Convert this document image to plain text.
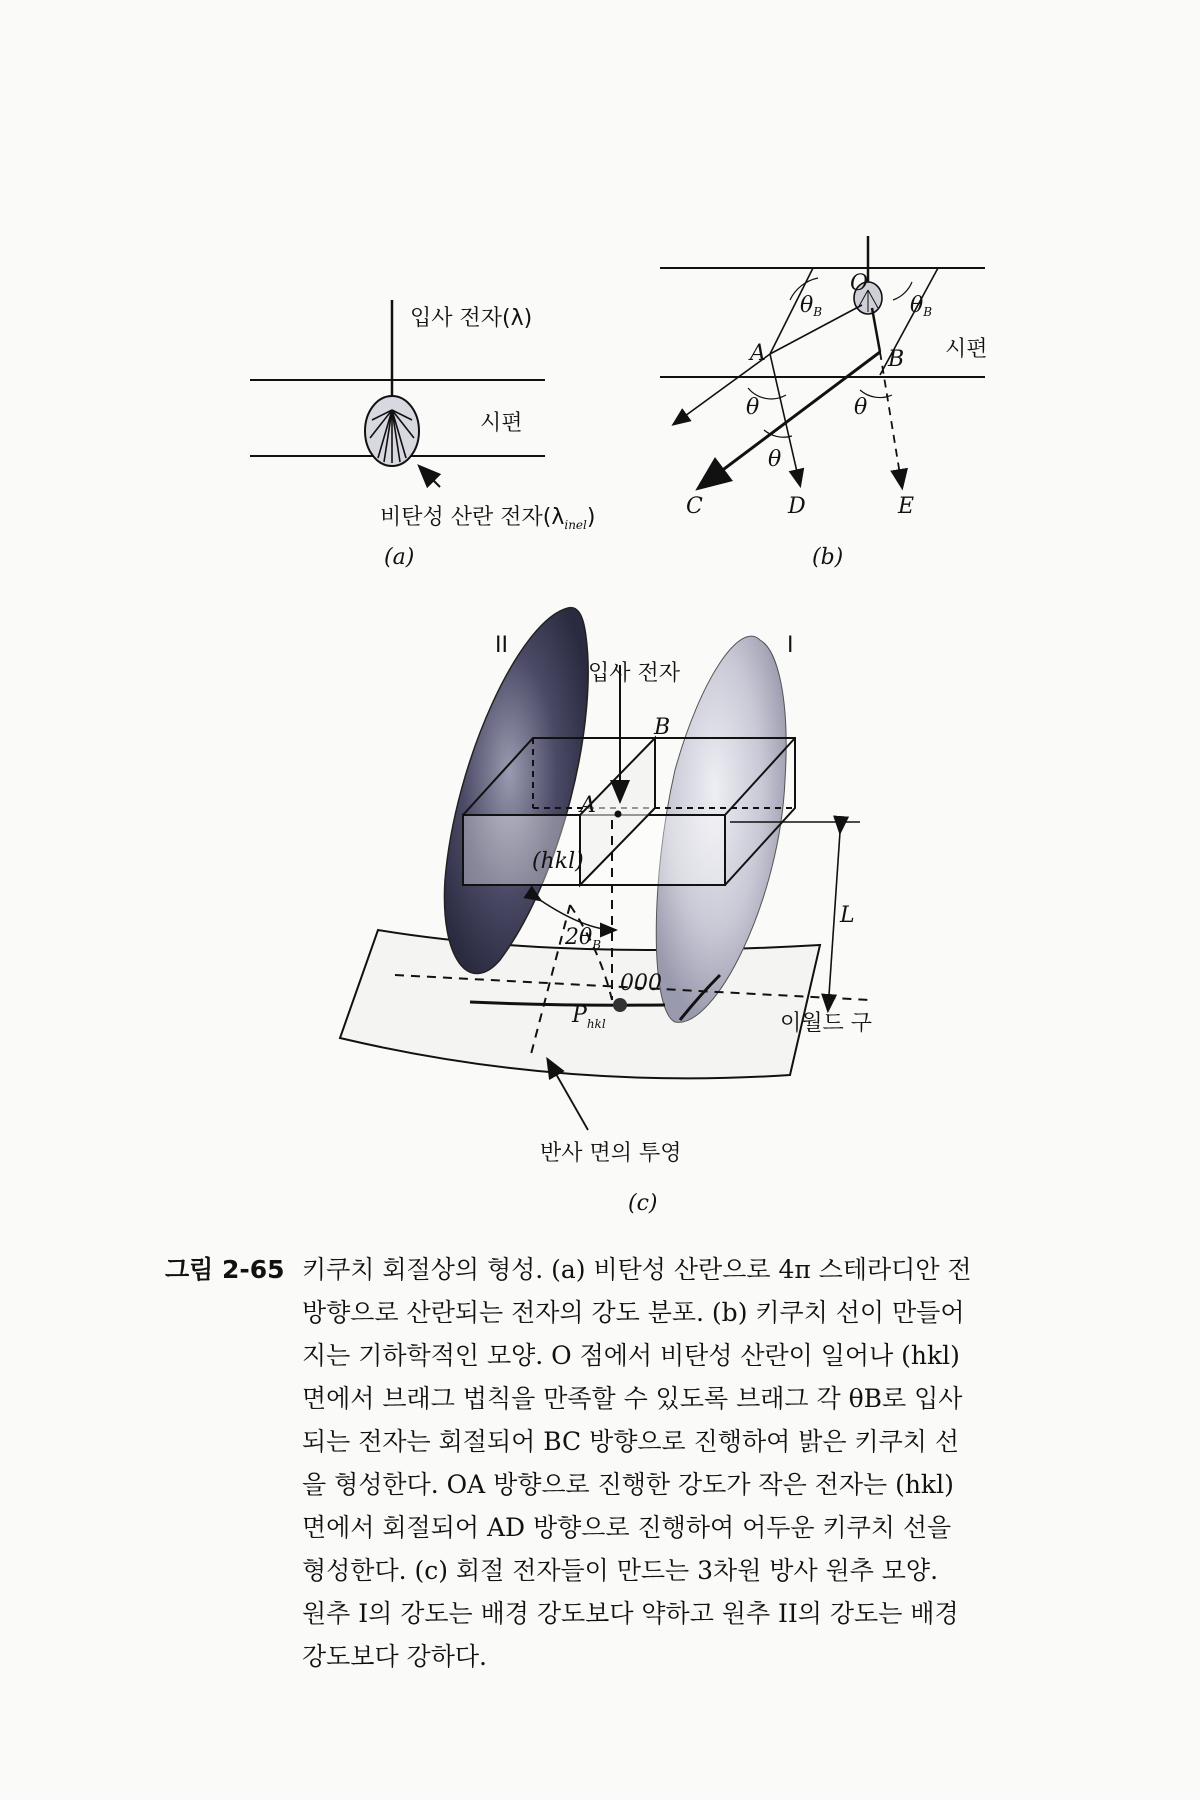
입사 전자(λ)
시편
비탄성 산란 전자$(\lambda_{inel})$
(a)
O
A	B
C	D	E
θB	θB
θ	θ
θ
시편
(b)
II	I
입사 전자
A
B
(hkl)
$2\theta_B$
L
000
$P_{hkl}$	이월드 구
반사 면의 투영
(c)
그림 2-65 키쿠치 회절상의 형성. (a) 비탄성 산란으로 4π 스테라디안 전
방향으로 산란되는 전자의 강도 분포. (b) 키쿠치 선이 만들어
지는 기하학적인 모양. O 점에서 비탄성 산란이 일어나 (hkl)
면에서 브래그 법칙을 만족할 수 있도록 브래그 각 θB로 입사
되는 전자는 회절되어 BC 방향으로 진행하여 밝은 키쿠치 선
을 형성한다. OA 방향으로 진행한 강도가 작은 전자는 (hkl)
면에서 회절되어 AD 방향으로 진행하여 어두운 키쿠치 선을
형성한다. (c) 회절 전자들이 만드는 3차원 방사 원추 모양.
원추 I의 강도는 배경 강도보다 약하고 원추 II의 강도는 배경
강도보다 강하다.
